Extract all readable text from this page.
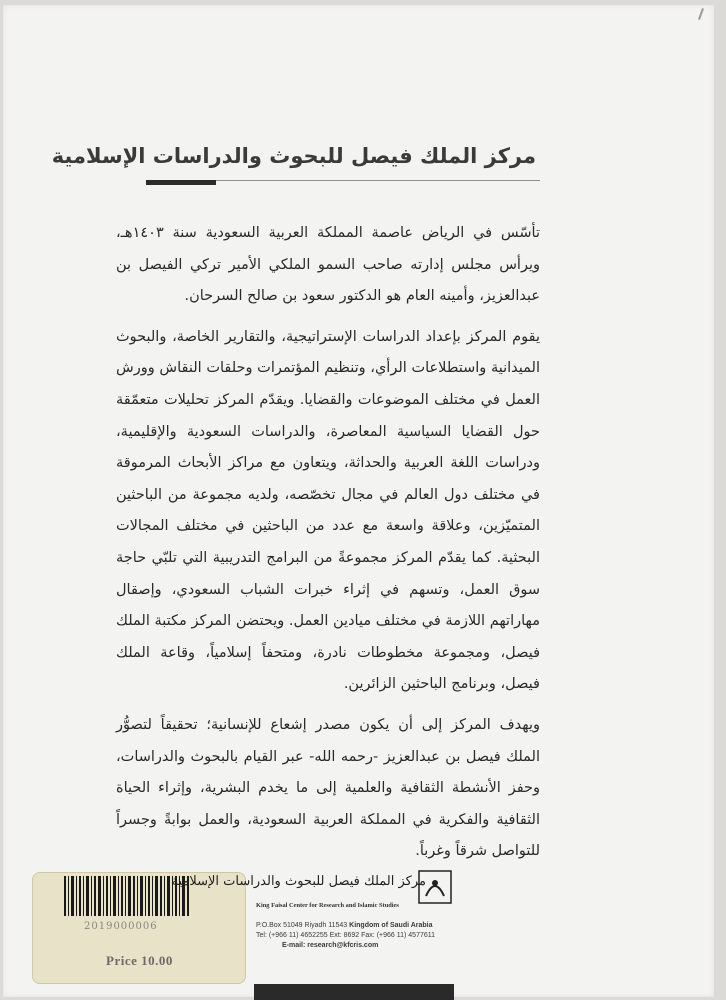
مركز الملك فيصل للبحوث والدراسات الإسلامية

تأسّس في الرياض عاصمة المملكة العربية السعودية سنة ١٤٠٣هـ، ويرأس مجلس إدارته صاحب السمو الملكي الأمير تركي الفيصل بن عبدالعزيز، وأمينه العام هو الدكتور سعود بن صالح السرحان.

يقوم المركز بإعداد الدراسات الإستراتيجية، والتقارير الخاصة، والبحوث الميدانية واستطلاعات الرأي، وتنظيم المؤتمرات وحلقات النقاش وورش العمل في مختلف الموضوعات والقضايا. ويقدّم المركز تحليلات متعمّقة حول القضايا السياسية المعاصرة، والدراسات السعودية والإقليمية، ودراسات اللغة العربية والحداثة، ويتعاون مع مراكز الأبحاث المرموقة في مختلف دول العالم في مجال تخصّصه، ولديه مجموعة من الباحثين المتميّزين، وعلاقة واسعة مع عدد من الباحثين في مختلف المجالات البحثية. كما يقدّم المركز مجموعةً من البرامج التدريبية التي تلبّي حاجة سوق العمل، وتسهم في إثراء خبرات الشباب السعودي، وإصقال مهاراتهم اللازمة في مختلف ميادين العمل. ويحتضن المركز مكتبة الملك فيصل، ومجموعة مخطوطات نادرة، ومتحفاً إسلامياً، وقاعة الملك فيصل، وبرنامج الباحثين الزائرين.

ويهدف المركز إلى أن يكون مصدر إشعاع للإنسانية؛ تحقيقاً لتصوُّر الملك فيصل بن عبدالعزيز -رحمه الله- عبر القيام بالبحوث والدراسات، وحفز الأنشطة الثقافية والعلمية إلى ما يخدم البشرية، وإثراء الحياة الثقافية والفكرية في المملكة العربية السعودية، والعمل بوابةً وجسراً للتواصل شرقاً وغرباً.

2019000006
Price 10.00
مركز الملك فيصل للبحوث والدراسات الإسلامية
King Faisal Center for Research and Islamic Studies
P.O.Box 51049 Riyadh 11543 Kingdom of Saudi Arabia
Tel: (+966 11) 4652255 Ext: 8692 Fax: (+966 11) 4577611
E-mail: research@kfcris.com
